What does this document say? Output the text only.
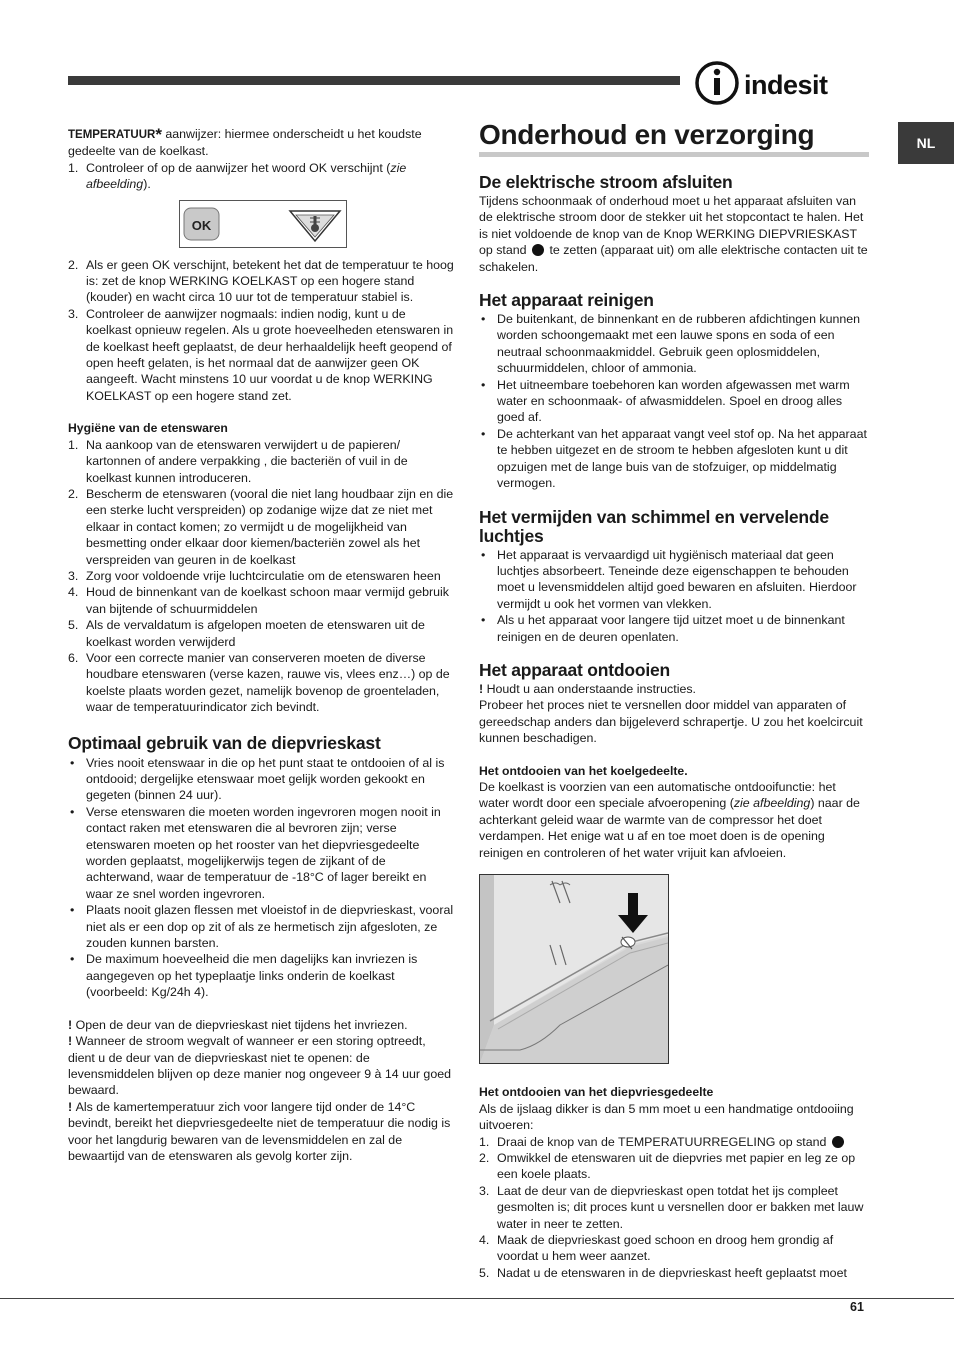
indesit
NL

TEMPERATUUR* aanwijzer: hiermee onderscheidt u het koudste gedeelte van de koelkast.

1. Controleer of op de aanwijzer het woord OK verschijnt (zie afbeelding).
OK
2. Als er geen OK verschijnt, betekent het dat de temperatuur te hoog is: zet de knop WERKING KOELKAST op een hogere stand (kouder) en wacht circa 10 uur tot de temperatuur stabiel is.
3. Controleer de aanwijzer nogmaals: indien nodig, kunt u de koelkast opnieuw regelen. Als u grote hoeveelheden etenswaren in de koelkast heeft geplaatst, de deur herhaaldelijk heeft geopend of open heeft gelaten, is het normaal dat de aanwijzer geen OK aangeeft. Wacht minstens 10 uur voordat u de knop WERKING KOELKAST op een hogere stand zet.

Hygiëne van de etenswaren

1. Na aankoop van de etenswaren verwijdert u de papieren/ kartonnen of andere verpakking , die bacteriën of vuil in de koelkast kunnen introduceren.
2. Bescherm de etenswaren (vooral die niet lang houdbaar zijn en die een sterke lucht verspreiden) op zodanige wijze dat ze niet met elkaar in contact komen; zo vermijdt u de mogelijkheid van besmetting onder elkaar door kiemen/bacteriën zowel als het verspreiden van geuren in de koelkast
3. Zorg voor voldoende vrije luchtcirculatie om de etenswaren heen
4. Houd de binnenkant van de koelkast schoon maar vermijd gebruik van bijtende of schuurmiddelen
5. Als de vervaldatum is afgelopen moeten de etenswaren uit de koelkast worden verwijderd
6. Voor een correcte manier van conserveren moeten de diverse houdbare etenswaren (verse kazen, rauwe vis, vlees enz…) op de koelste plaats worden gezet, namelijk bovenop de groenteladen, waar de temperatuurindicator zich bevindt.
Optimaal gebruik van de diepvrieskast
• Vries nooit etenswaar in die op het punt staat te ontdooien of al is ontdooid; dergelijke etenswaar moet gelijk worden gekookt en gegeten (binnen 24 uur).
• Verse etenswaren die moeten worden ingevroren mogen nooit in contact raken met etenswaren die al bevroren zijn; verse etenswaren moeten op het rooster van het diepvriesgedeelte worden geplaatst, mogelijkerwijs tegen de zijkant of de achterwand, waar de temperatuur de -18°C of lager bereikt en waar ze snel worden ingevroren.
• Plaats nooit glazen flessen met vloeistof in de diepvrieskast, vooral niet als er een dop op zit of als ze hermetisch zijn afgesloten, ze zouden kunnen barsten.
• De maximum hoeveelheid die men dagelijks kan invriezen is aangegeven op het typeplaatje links onderin de koelkast (voorbeeld: Kg/24h 4).

! Open de deur van de diepvrieskast niet tijdens het invriezen.

! Wanneer de stroom wegvalt of wanneer er een storing optreedt, dient u de deur van de diepvrieskast niet te openen: de levensmiddelen blijven op deze manier nog ongeveer 9 à 14 uur goed bewaard.

! Als de kamertemperatuur zich voor langere tijd onder de 14°C bevindt, bereikt het diepvriesgedeelte niet de temperatuur die nodig is voor het langdurig bewaren van de levensmiddelen en zal de bewaartijd van de etenswaren als gevolg korter zijn.

Onderhoud en verzorging
De elektrische stroom afsluiten

Tijdens schoonmaak of onderhoud moet u het apparaat afsluiten van de elektrische stroom door de stekker uit het stopcontact te halen. Het is niet voldoende de knop van de Knop WERKING DIEPVRIESKAST op stand te zetten (apparaat uit) om alle elektrische contacten uit te schakelen.

Het apparaat reinigen
• De buitenkant, de binnenkant en de rubberen afdichtingen kunnen worden schoongemaakt met een lauwe spons en soda of een neutraal schoonmaakmiddel. Gebruik geen oplosmiddelen, schuurmiddelen, chloor of ammonia.
• Het uitneembare toebehoren kan worden afgewassen met warm water en schoonmaak- of afwasmiddelen. Spoel en droog alles goed af.
• De achterkant van het apparaat vangt veel stof op. Na het apparaat te hebben uitgezet en de stroom te hebben afgesloten kunt u dit opzuigen met de lange buis van de stofzuiger, op middelmatig vermogen.
Het vermijden van schimmel en vervelende luchtjes
• Het apparaat is vervaardigd uit hygiënisch materiaal dat geen luchtjes absorbeert. Teneinde deze eigenschappen te behouden moet u levensmiddelen altijd goed bewaren en afsluiten. Hierdoor vermijdt u ook het vormen van vlekken.
• Als u het apparaat voor langere tijd uitzet moet u de binnenkant reinigen en de deuren openlaten.
Het apparaat ontdooien

! Houdt u aan onderstaande instructies.

Probeer het proces niet te versnellen door middel van apparaten of gereedschap anders dan bijgeleverd schrapertje. U zou het koelcircuit kunnen beschadigen.

Het ontdooien van het koelgedeelte.

De koelkast is voorzien van een automatische ontdooifunctie: het water wordt door een speciale afvoeropening (zie afbeelding) naar de achterkant geleid waar de warmte van de compressor het doet verdampen. Het enige wat u af en toe moet doen is de opening reinigen en controleren of het water vrijuit kan afvloeien.

Het ontdooien van het diepvriesgedeelte

Als de ijslaag dikker is dan 5 mm moet u een handmatige ontdooiing uitvoeren:

1. Draai de knop van de TEMPERATUURREGELING op stand
2. Omwikkel de etenswaren uit de diepvries met papier en leg ze op een koele plaats.
3. Laat de deur van de diepvrieskast open totdat het ijs compleet gesmolten is; dit proces kunt u versnellen door er bakken met lauw water in neer te zetten.
4. Maak de diepvrieskast goed schoon en droog hem grondig af voordat u hem weer aanzet.
5. Nadat u de etenswaren in de diepvrieskast heeft geplaatst moet
61
